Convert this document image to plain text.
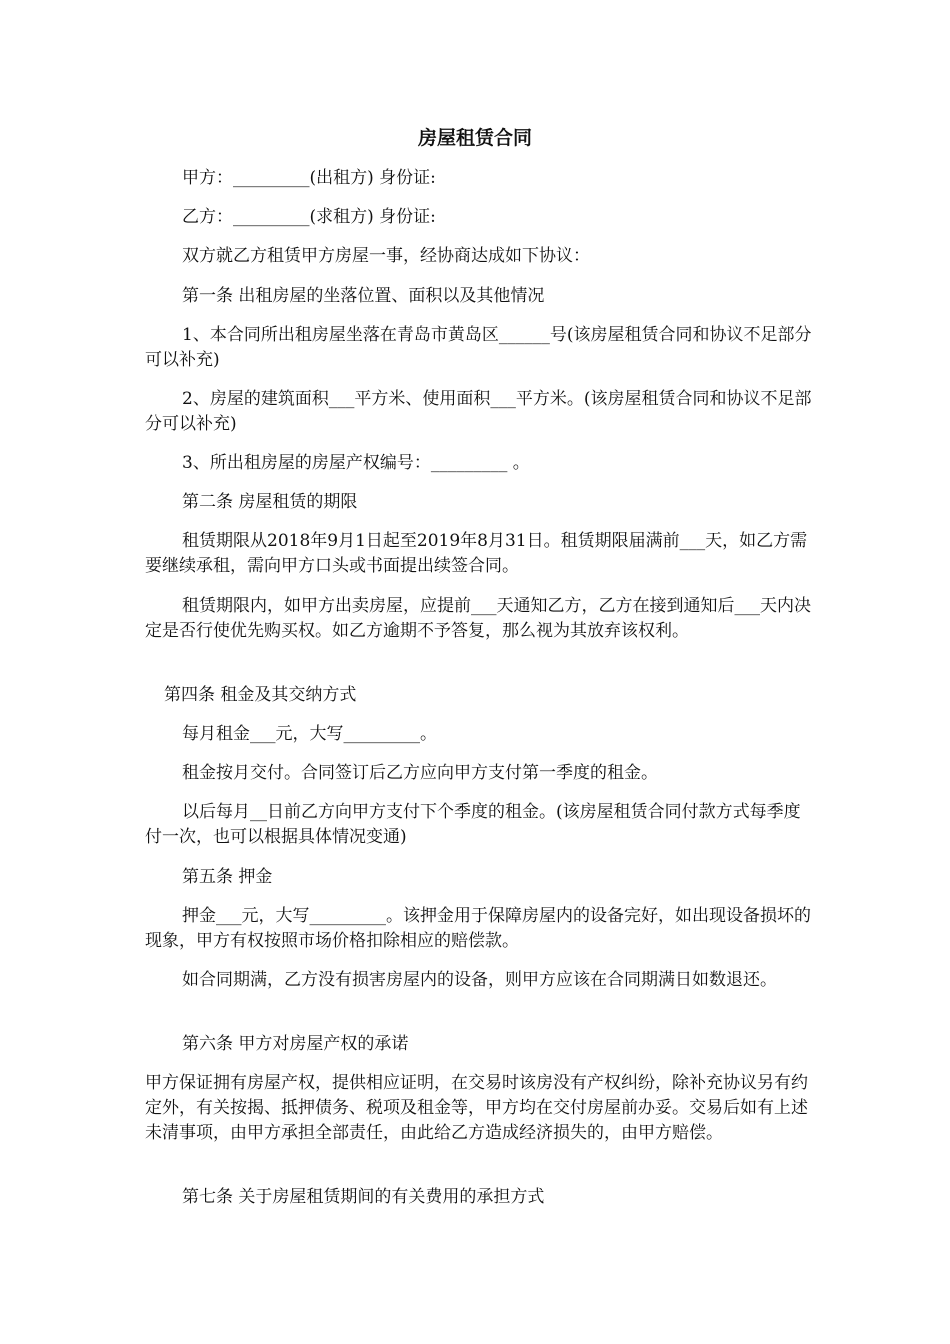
房屋租赁合同
甲方：_________(出租方) 身份证:
乙方：_________(求租方) 身份证:
双方就乙方租赁甲方房屋一事，经协商达成如下协议：
第一条 出租房屋的坐落位置、面积以及其他情况
1、本合同所出租房屋坐落在青岛市黄岛区______号(该房屋租赁合同和协议不足部分可以补充)
2、房屋的建筑面积___平方米、使用面积___平方米。(该房屋租赁合同和协议不足部分可以补充)
3、所出租房屋的房屋产权编号：_________ 。
第二条 房屋租赁的期限
租赁期限从2018年9月1日起至2019年8月31日。租赁期限届满前___天，如乙方需要继续承租，需向甲方口头或书面提出续签合同。
租赁期限内，如甲方出卖房屋，应提前___天通知乙方，乙方在接到通知后___天内决定是否行使优先购买权。如乙方逾期不予答复，那么视为其放弃该权利。
第四条 租金及其交纳方式
每月租金___元，大写_________。
租金按月交付。合同签订后乙方应向甲方支付第一季度的租金。
以后每月__日前乙方向甲方支付下个季度的租金。(该房屋租赁合同付款方式每季度付一次，也可以根据具体情况变通)
第五条 押金
押金___元，大写_________。该押金用于保障房屋内的设备完好，如出现设备损坏的现象，甲方有权按照市场价格扣除相应的赔偿款。
如合同期满，乙方没有损害房屋内的设备，则甲方应该在合同期满日如数退还。
第六条 甲方对房屋产权的承诺
甲方保证拥有房屋产权，提供相应证明，在交易时该房没有产权纠纷，除补充协议另有约定外，有关按揭、抵押债务、税项及租金等，甲方均在交付房屋前办妥。交易后如有上述未清事项，由甲方承担全部责任，由此给乙方造成经济损失的，由甲方赔偿。
第七条 关于房屋租赁期间的有关费用的承担方式
